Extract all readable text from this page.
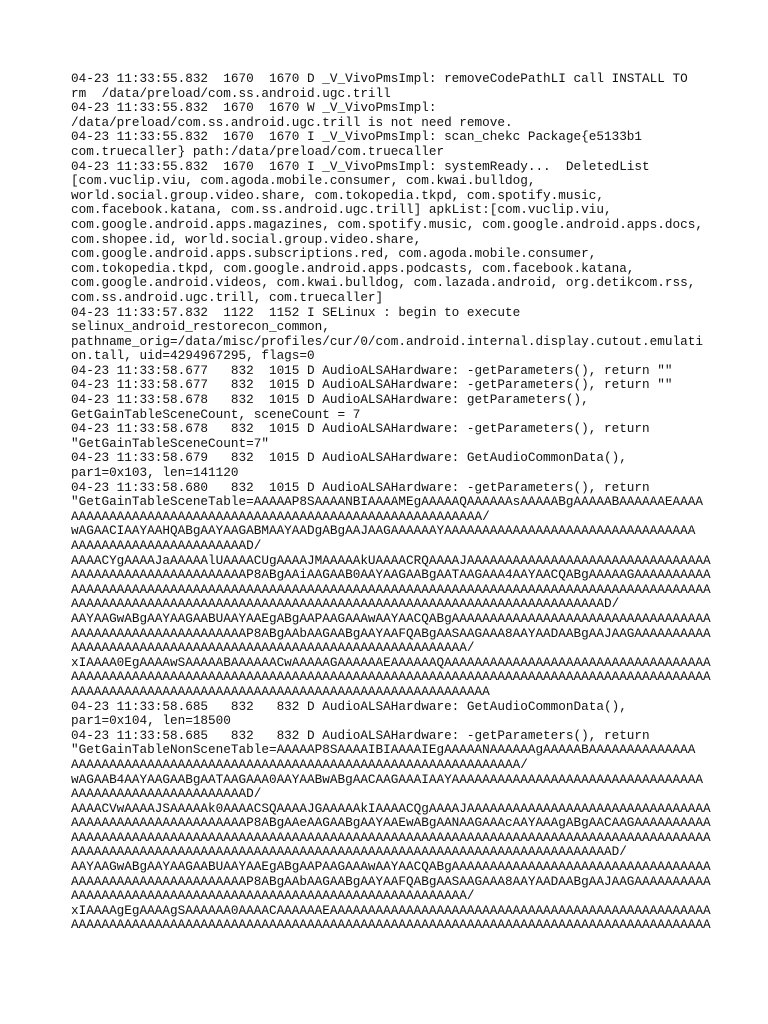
04-23 11:33:55.832  1670  1670 D _V_VivoPmsImpl: removeCodePathLI call INSTALL TO
rm  /data/preload/com.ss.android.ugc.trill
04-23 11:33:55.832  1670  1670 W _V_VivoPmsImpl:
/data/preload/com.ss.android.ugc.trill is not need remove.
04-23 11:33:55.832  1670  1670 I _V_VivoPmsImpl: scan_chekc Package{e5133b1
com.truecaller} path:/data/preload/com.truecaller
04-23 11:33:55.832  1670  1670 I _V_VivoPmsImpl: systemReady...  DeletedList
[com.vuclip.viu, com.agoda.mobile.consumer, com.kwai.bulldog,
world.social.group.video.share, com.tokopedia.tkpd, com.spotify.music,
com.facebook.katana, com.ss.android.ugc.trill] apkList:[com.vuclip.viu,
com.google.android.apps.magazines, com.spotify.music, com.google.android.apps.docs,
com.shopee.id, world.social.group.video.share,
com.google.android.apps.subscriptions.red, com.agoda.mobile.consumer,
com.tokopedia.tkpd, com.google.android.apps.podcasts, com.facebook.katana,
com.google.android.videos, com.kwai.bulldog, com.lazada.android, org.detikcom.rss,
com.ss.android.ugc.trill, com.truecaller]
04-23 11:33:57.832  1122  1152 I SELinux : begin to execute
selinux_android_restorecon_common,
pathname_orig=/data/misc/profiles/cur/0/com.android.internal.display.cutout.emulati
on.tall, uid=4294967295, flags=0
04-23 11:33:58.677   832  1015 D AudioALSAHardware: -getParameters(), return ""
04-23 11:33:58.677   832  1015 D AudioALSAHardware: -getParameters(), return ""
04-23 11:33:58.678   832  1015 D AudioALSAHardware: getParameters(),
GetGainTableSceneCount, sceneCount = 7
04-23 11:33:58.678   832  1015 D AudioALSAHardware: -getParameters(), return
"GetGainTableSceneCount=7"
04-23 11:33:58.679   832  1015 D AudioALSAHardware: GetAudioCommonData(),
par1=0x103, len=141120
04-23 11:33:58.680   832  1015 D AudioALSAHardware: -getParameters(), return
"GetGainTableSceneTable=AAAAAP8SAAAANBIAAAAMEgAAAAAQAAAAAAsAAAAABgAAAAABAAAAAAEAAAA
AAAAAAAAAAAAAAAAAAAAAAAAAAAAAAAAAAAAAAAAAAAAAAAAAAAAAA/
wAGAACIAAYAAHQABgAAYAAGABMAAYAADgABgAAJAAGAAAAAAYAAAAAAAAAAAAAAAAAAAAAAAAAAAAAAAAA
AAAAAAAAAAAAAAAAAAAAAAAD/
AAAACYgAAAAJaAAAAAlUAAAACUgAAAAJMAAAAAkUAAAACRQAAAAJAAAAAAAAAAAAAAAAAAAAAAAAAAAAAAAA
AAAAAAAAAAAAAAAAAAAAAAAP8ABgAAiAAGAAB0AAYAAGAABgAATAAGAAA4AAYAACQABgAAAAAGAAAAAAAAAA
AAAAAAAAAAAAAAAAAAAAAAAAAAAAAAAAAAAAAAAAAAAAAAAAAAAAAAAAAAAAAAAAAAAAAAAAAAAAAAAAAAAA
AAAAAAAAAAAAAAAAAAAAAAAAAAAAAAAAAAAAAAAAAAAAAAAAAAAAAAAAAAAAAAAAAAAAAAD/
AAYAAGwABgAAYAAGAABUAAYAAEgABgAAPAAGAAAwAAYAACQABgAAAAAAAAAAAAAAAAAAAAAAAAAAAAAAAAAA
AAAAAAAAAAAAAAAAAAAAAAAP8ABgAAbAAGAABgAAYAAFQABgAASAAGAAA8AAYAADAABgAAJAAGAAAAAAAAAA
AAAAAAAAAAAAAAAAAAAAAAAAAAAAAAAAAAAAAAAAAAAAAAAAAAAA/
xIAAAA0EgAAAAwSAAAAABAAAAAACwAAAAAGAAAAAAEAAAAAAQAAAAAAAAAAAAAAAAAAAAAAAAAAAAAAAAAAA
AAAAAAAAAAAAAAAAAAAAAAAAAAAAAAAAAAAAAAAAAAAAAAAAAAAAAAAAAAAAAAAAAAAAAAAAAAAAAAAAAAAA
AAAAAAAAAAAAAAAAAAAAAAAAAAAAAAAAAAAAAAAAAAAAAAAAAAAAAAA
04-23 11:33:58.685   832   832 D AudioALSAHardware: GetAudioCommonData(),
par1=0x104, len=18500
04-23 11:33:58.685   832   832 D AudioALSAHardware: -getParameters(), return
"GetGainTableNonSceneTable=AAAAAP8SAAAAIBIAAAAIEgAAAAANAAAAAAgAAAAABAAAAAAAAAAAAAA
AAAAAAAAAAAAAAAAAAAAAAAAAAAAAAAAAAAAAAAAAAAAAAAAAAAAAAAAAAA/
wAGAAB4AAYAAGAABgAATAAGAAA0AAYAABwABgAACAAGAAAIAAYAAAAAAAAAAAAAAAAAAAAAAAAAAAAAAAAA
AAAAAAAAAAAAAAAAAAAAAAAD/
AAAACVwAAAAJSAAAAAk0AAAACSQAAAAJGAAAAAkIAAAACQgAAAAJAAAAAAAAAAAAAAAAAAAAAAAAAAAAAAAA
AAAAAAAAAAAAAAAAAAAAAAAP8ABgAAeAAGAABgAAYAAEwABgAANAAGAAAcAAYAAAgABgAACAAGAAAAAAAAAA
AAAAAAAAAAAAAAAAAAAAAAAAAAAAAAAAAAAAAAAAAAAAAAAAAAAAAAAAAAAAAAAAAAAAAAAAAAAAAAAAAAAA
AAAAAAAAAAAAAAAAAAAAAAAAAAAAAAAAAAAAAAAAAAAAAAAAAAAAAAAAAAAAAAAAAAAAAAAD/
AAYAAGwABgAAYAAGAABUAAYAAEgABgAAPAAGAAAwAAYAACQABgAAAAAAAAAAAAAAAAAAAAAAAAAAAAAAAAAA
AAAAAAAAAAAAAAAAAAAAAAAP8ABgAAbAAGAABgAAYAAFQABgAASAAGAAA8AAYAADAABgAAJAAGAAAAAAAAAA
AAAAAAAAAAAAAAAAAAAAAAAAAAAAAAAAAAAAAAAAAAAAAAAAAAAA/
xIAAAAgEgAAAAgSAAAAAA0AAAACAAAAAAEAAAAAAAAAAAAAAAAAAAAAAAAAAAAAAAAAAAAAAAAAAAAAAAAAA
AAAAAAAAAAAAAAAAAAAAAAAAAAAAAAAAAAAAAAAAAAAAAAAAAAAAAAAAAAAAAAAAAAAAAAAAAAAAAAAAAAAA
